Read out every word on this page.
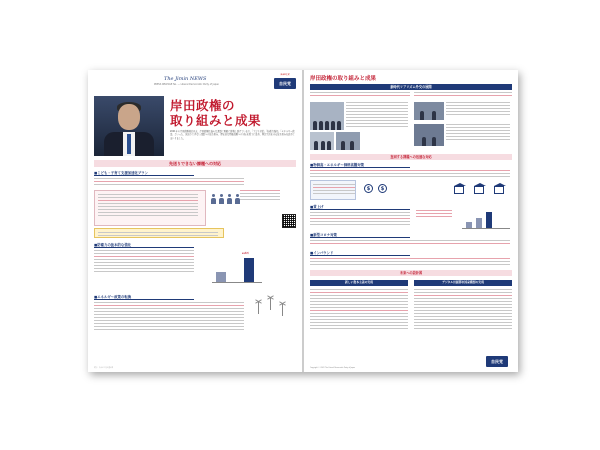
The Jimin NEWS
PRESS RELEASE No. — Liberal Democratic Party of Japan
自由民主党
自民党
岸田政権の
取り組みと成果
2021年の岸田政権発足以来、岸田政権は様々な課題に果敢に挑戦し続けています。「子ども対策」「防衛力強化」「エネルギー政策」といった、先送りできない課題への取り組み、歴史的な物価高騰への対応を着実に進め、国民生活を守る取り組みを進めてまいりました。
先送りできない課題への対応
■こども・子育て支援加速化プラン
■防衛力の抜本的な強化
43兆円
■エネルギー政策の転換
発行：自由民主党広報本部
岸田政権の取り組みと成果
新時代リアリズム外交の展開
直面する課題への迅速な対応
■物価高・エネルギー価格高騰対策
$	$
■賃上げ
■新型コロナ対策
■インバウンド
未来への設計図
新しい資本主義の実現	デジタル田園都市国家構想の実現
Copyright © 2023 The Liberal Democratic Party of Japan
自民党
